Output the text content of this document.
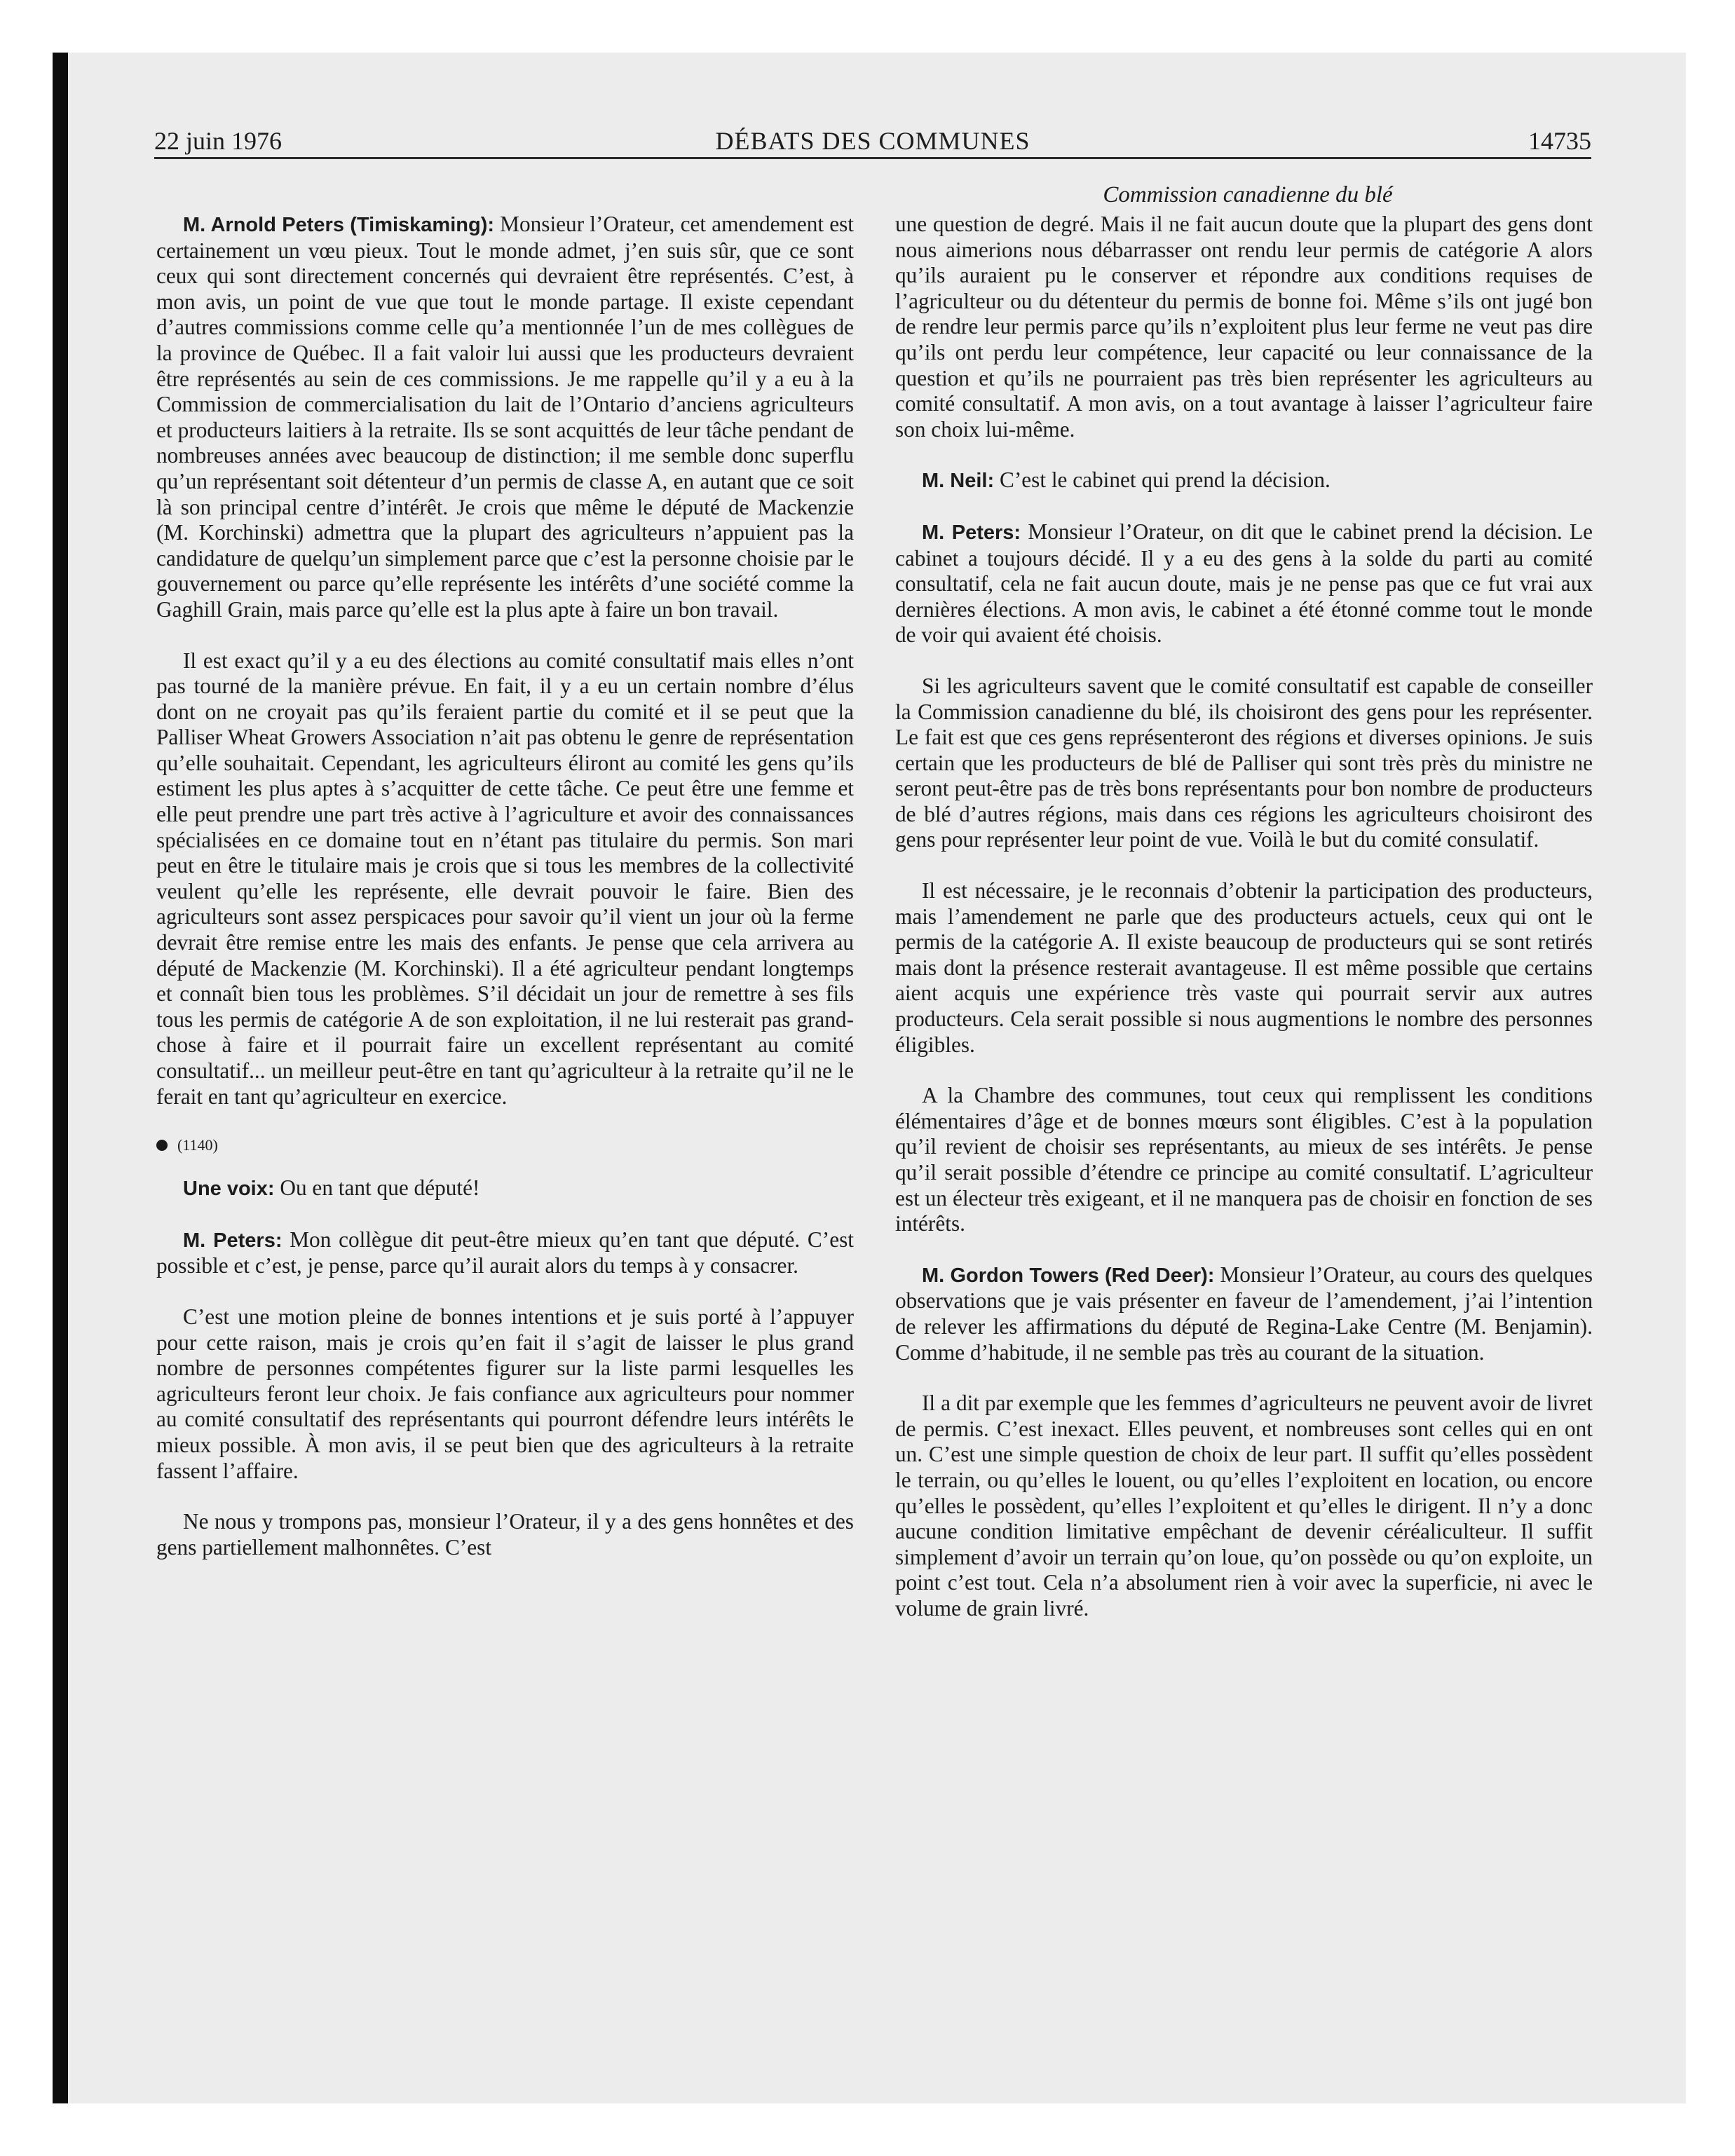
22 juin 1976	DÉBATS DES COMMUNES	14735
Commission canadienne du blé

M. Arnold Peters (Timiskaming): Monsieur l’Orateur, cet amendement est certainement un vœu pieux. Tout le monde admet, j’en suis sûr, que ce sont ceux qui sont directement concernés qui devraient être représentés. C’est, à mon avis, un point de vue que tout le monde partage. Il existe cependant d’autres commissions comme celle qu’a mentionnée l’un de mes collègues de la province de Québec. Il a fait valoir lui aussi que les producteurs devraient être représentés au sein de ces commissions. Je me rappelle qu’il y a eu à la Commission de commercialisation du lait de l’Ontario d’anciens agriculteurs et producteurs laitiers à la retraite. Ils se sont acquittés de leur tâche pendant de nombreuses années avec beaucoup de distinction; il me semble donc superflu qu’un représentant soit détenteur d’un permis de classe A, en autant que ce soit là son principal centre d’intérêt. Je crois que même le député de Mackenzie (M. Korchinski) admettra que la plupart des agriculteurs n’appuient pas la candidature de quelqu’un simplement parce que c’est la personne choisie par le gouvernement ou parce qu’elle représente les intérêts d’une société comme la Gaghill Grain, mais parce qu’elle est la plus apte à faire un bon travail.

Il est exact qu’il y a eu des élections au comité consultatif mais elles n’ont pas tourné de la manière prévue. En fait, il y a eu un certain nombre d’élus dont on ne croyait pas qu’ils feraient partie du comité et il se peut que la Palliser Wheat Growers Association n’ait pas obtenu le genre de représentation qu’elle souhaitait. Cependant, les agriculteurs éliront au comité les gens qu’ils estiment les plus aptes à s’acquitter de cette tâche. Ce peut être une femme et elle peut prendre une part très active à l’agriculture et avoir des connaissances spécialisées en ce domaine tout en n’étant pas titulaire du permis. Son mari peut en être le titulaire mais je crois que si tous les membres de la collectivité veulent qu’elle les représente, elle devrait pouvoir le faire. Bien des agriculteurs sont assez perspicaces pour savoir qu’il vient un jour où la ferme devrait être remise entre les mais des enfants. Je pense que cela arrivera au député de Mackenzie (M. Korchinski). Il a été agriculteur pendant longtemps et connaît bien tous les problèmes. S’il décidait un jour de remettre à ses fils tous les permis de catégorie A de son exploitation, il ne lui resterait pas grand-chose à faire et il pourrait faire un excellent représentant au comité consultatif... un meilleur peut-être en tant qu’agriculteur à la retraite qu’il ne le ferait en tant qu’agriculteur en exercice.

(1140)

Une voix: Ou en tant que député!

M. Peters: Mon collègue dit peut-être mieux qu’en tant que député. C’est possible et c’est, je pense, parce qu’il aurait alors du temps à y consacrer.

C’est une motion pleine de bonnes intentions et je suis porté à l’appuyer pour cette raison, mais je crois qu’en fait il s’agit de laisser le plus grand nombre de personnes compétentes figurer sur la liste parmi lesquelles les agriculteurs feront leur choix. Je fais confiance aux agriculteurs pour nommer au comité consultatif des représentants qui pourront défendre leurs intérêts le mieux possible. À mon avis, il se peut bien que des agriculteurs à la retraite fassent l’affaire.

Ne nous y trompons pas, monsieur l’Orateur, il y a des gens honnêtes et des gens partiellement malhonnêtes. C’est

une question de degré. Mais il ne fait aucun doute que la plupart des gens dont nous aimerions nous débarrasser ont rendu leur permis de catégorie A alors qu’ils auraient pu le conserver et répondre aux conditions requises de l’agriculteur ou du détenteur du permis de bonne foi. Même s’ils ont jugé bon de rendre leur permis parce qu’ils n’exploitent plus leur ferme ne veut pas dire qu’ils ont perdu leur compétence, leur capacité ou leur connaissance de la question et qu’ils ne pourraient pas très bien représenter les agriculteurs au comité consultatif. A mon avis, on a tout avantage à laisser l’agriculteur faire son choix lui-même.

M. Neil: C’est le cabinet qui prend la décision.

M. Peters: Monsieur l’Orateur, on dit que le cabinet prend la décision. Le cabinet a toujours décidé. Il y a eu des gens à la solde du parti au comité consultatif, cela ne fait aucun doute, mais je ne pense pas que ce fut vrai aux dernières élections. A mon avis, le cabinet a été étonné comme tout le monde de voir qui avaient été choisis.

Si les agriculteurs savent que le comité consultatif est capable de conseiller la Commission canadienne du blé, ils choisiront des gens pour les représenter. Le fait est que ces gens représenteront des régions et diverses opinions. Je suis certain que les producteurs de blé de Palliser qui sont très près du ministre ne seront peut-être pas de très bons représentants pour bon nombre de producteurs de blé d’autres régions, mais dans ces régions les agriculteurs choisiront des gens pour représenter leur point de vue. Voilà le but du comité consulatif.

Il est nécessaire, je le reconnais d’obtenir la participation des producteurs, mais l’amendement ne parle que des producteurs actuels, ceux qui ont le permis de la catégorie A. Il existe beaucoup de producteurs qui se sont retirés mais dont la présence resterait avantageuse. Il est même possible que certains aient acquis une expérience très vaste qui pourrait servir aux autres producteurs. Cela serait possible si nous augmentions le nombre des personnes éligibles.

A la Chambre des communes, tout ceux qui remplissent les conditions élémentaires d’âge et de bonnes mœurs sont éligibles. C’est à la population qu’il revient de choisir ses représentants, au mieux de ses intérêts. Je pense qu’il serait possible d’étendre ce principe au comité consultatif. L’agriculteur est un électeur très exigeant, et il ne manquera pas de choisir en fonction de ses intérêts.

M. Gordon Towers (Red Deer): Monsieur l’Orateur, au cours des quelques observations que je vais présenter en faveur de l’amendement, j’ai l’intention de relever les affirmations du député de Regina-Lake Centre (M. Benjamin). Comme d’habitude, il ne semble pas très au courant de la situation.

Il a dit par exemple que les femmes d’agriculteurs ne peuvent avoir de livret de permis. C’est inexact. Elles peuvent, et nombreuses sont celles qui en ont un. C’est une simple question de choix de leur part. Il suffit qu’elles possèdent le terrain, ou qu’elles le louent, ou qu’elles l’exploitent en location, ou encore qu’elles le possèdent, qu’elles l’exploitent et qu’elles le dirigent. Il n’y a donc aucune condition limitative empêchant de devenir céréaliculteur. Il suffit simplement d’avoir un terrain qu’on loue, qu’on possède ou qu’on exploite, un point c’est tout. Cela n’a absolument rien à voir avec la superficie, ni avec le volume de grain livré.
